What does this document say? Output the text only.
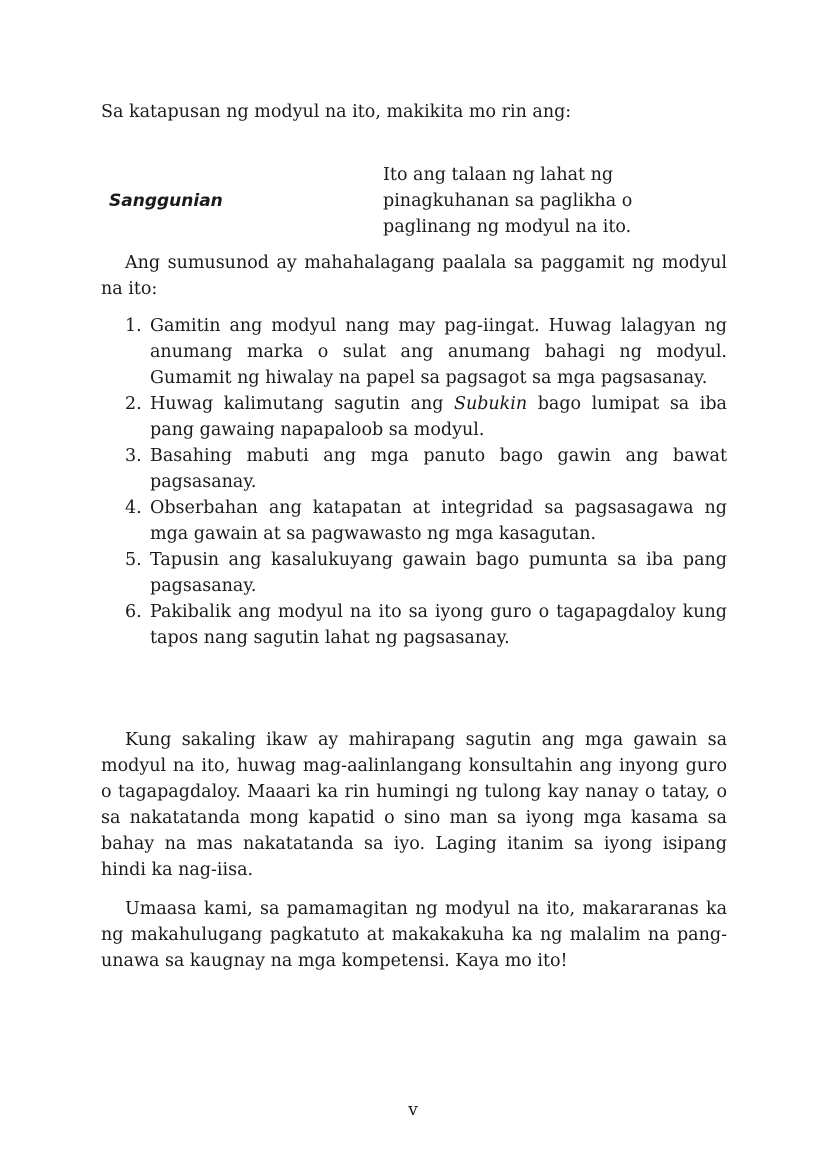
Sa katapusan ng modyul na ito, makikita mo rin ang:

Sanggunian
Ito ang talaan ng lahat ng pinagkuhanan sa paglikha o paglinang ng modyul na ito.

Ang sumusunod ay mahahalagang paalala sa paggamit ng modyul na ito:

1. Gamitin ang modyul nang may pag-iingat. Huwag lalagyan ng anumang marka o sulat ang anumang bahagi ng modyul. Gumamit ng hiwalay na papel sa pagsagot sa mga pagsasanay.
2. Huwag kalimutang sagutin ang Subukin bago lumipat sa iba pang gawaing napapaloob sa modyul.
3. Basahing mabuti ang mga panuto bago gawin ang bawat pagsasanay.
4. Obserbahan ang katapatan at integridad sa pagsasagawa ng mga gawain at sa pagwawasto ng mga kasagutan.
5. Tapusin ang kasalukuyang gawain bago pumunta sa iba pang pagsasanay.
6. Pakibalik ang modyul na ito sa iyong guro o tagapagdaloy kung tapos nang sagutin lahat ng pagsasanay.

Kung sakaling ikaw ay mahirapang sagutin ang mga gawain sa modyul na ito, huwag mag-aalinlangang konsultahin ang inyong guro o tagapagdaloy. Maaari ka rin humingi ng tulong kay nanay o tatay, o sa nakatatanda mong kapatid o sino man sa iyong mga kasama sa bahay na mas nakatatanda sa iyo. Laging itanim sa iyong isipang hindi ka nag-iisa.

Umaasa kami, sa pamamagitan ng modyul na ito, makararanas ka ng makahulugang pagkatuto at makakakuha ka ng malalim na pang-unawa sa kaugnay na mga kompetensi. Kaya mo ito!

v
